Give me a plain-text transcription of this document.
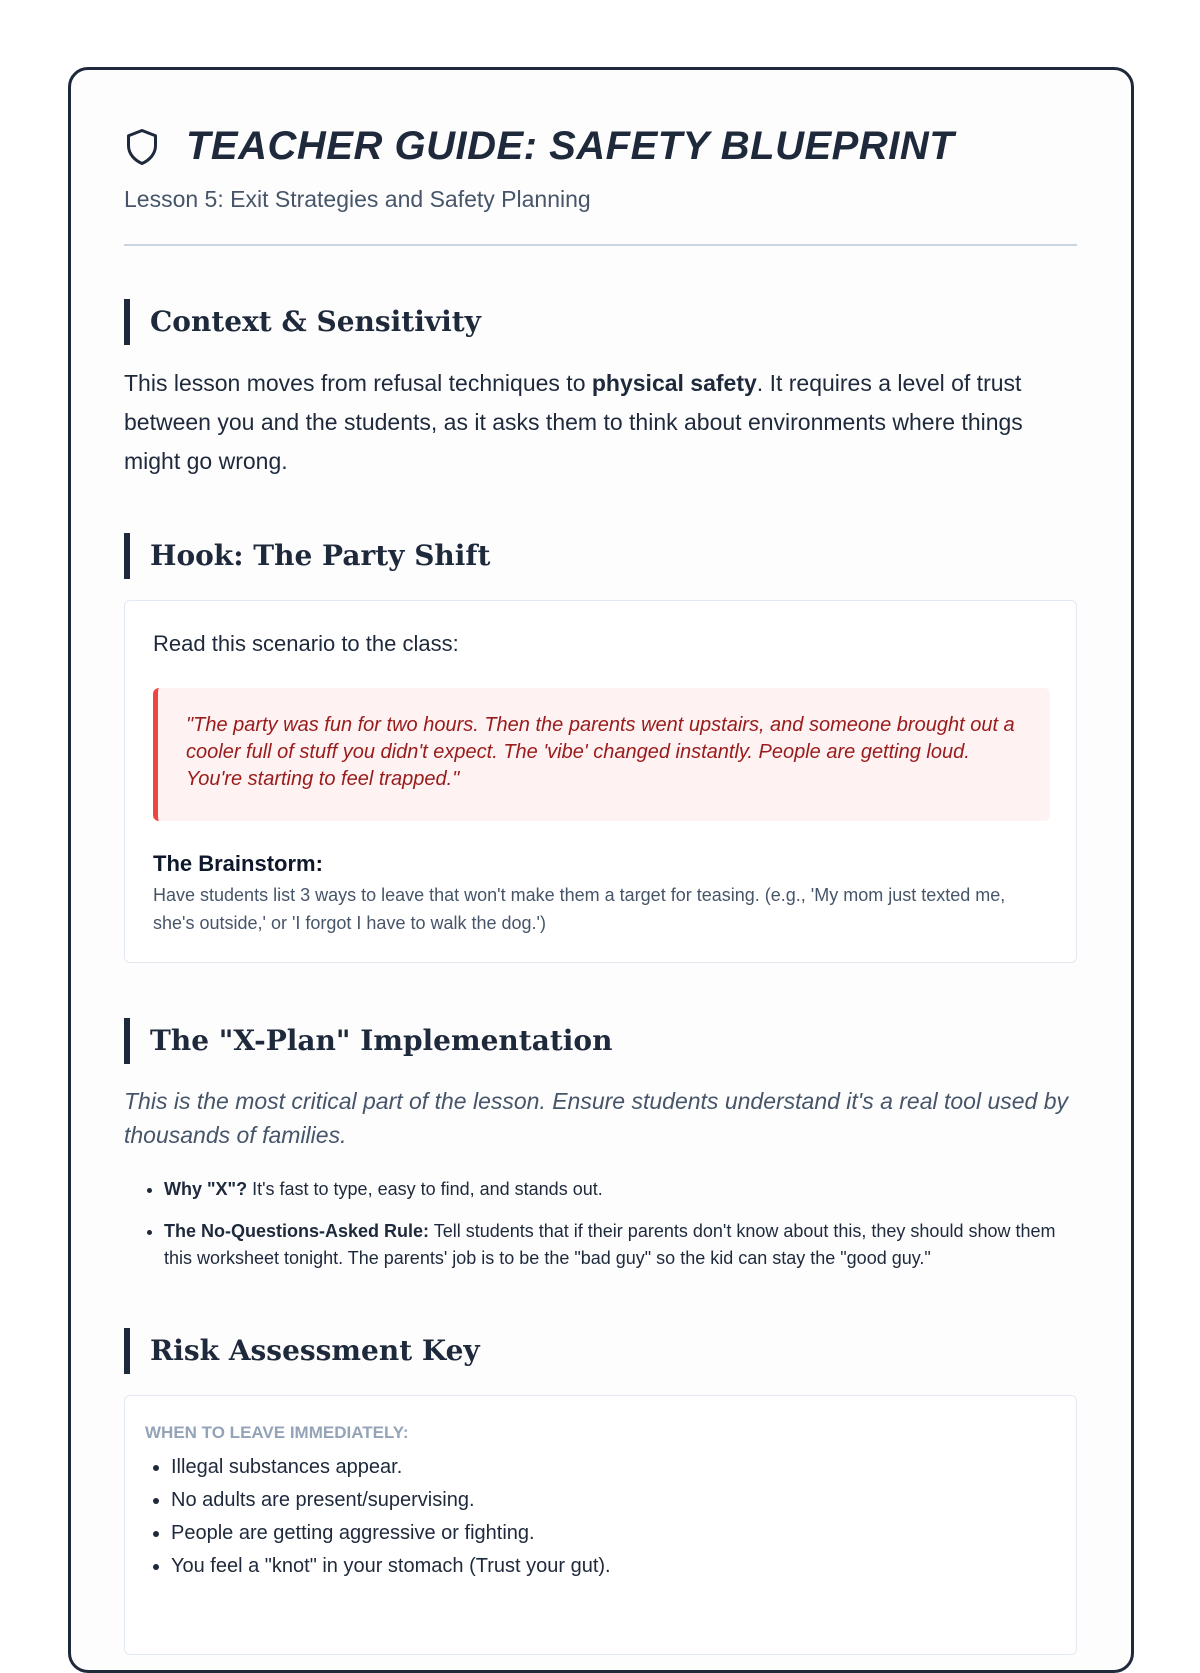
TEACHER GUIDE: SAFETY BLUEPRINT
Lesson 5: Exit Strategies and Safety Planning
Context & Sensitivity
This lesson moves from refusal techniques to physical safety. It requires a level of trust between you and the students, as it asks them to think about environments where things might go wrong.
Hook: The Party Shift
Read this scenario to the class:
"The party was fun for two hours. Then the parents went upstairs, and someone brought out a cooler full of stuff you didn't expect. The 'vibe' changed instantly. People are getting loud. You're starting to feel trapped."
The Brainstorm:
Have students list 3 ways to leave that won't make them a target for teasing. (e.g., 'My mom just texted me, she's outside,' or 'I forgot I have to walk the dog.')
The "X-Plan" Implementation
This is the most critical part of the lesson. Ensure students understand it's a real tool used by thousands of families.
• Why "X"? It's fast to type, easy to find, and stands out.
• The No-Questions-Asked Rule: Tell students that if their parents don't know about this, they should show them this worksheet tonight. The parents' job is to be the "bad guy" so the kid can stay the "good guy."
Risk Assessment Key
WHEN TO LEAVE IMMEDIATELY:
• Illegal substances appear.
• No adults are present/supervising.
• People are getting aggressive or fighting.
• You feel a "knot" in your stomach (Trust your gut).
